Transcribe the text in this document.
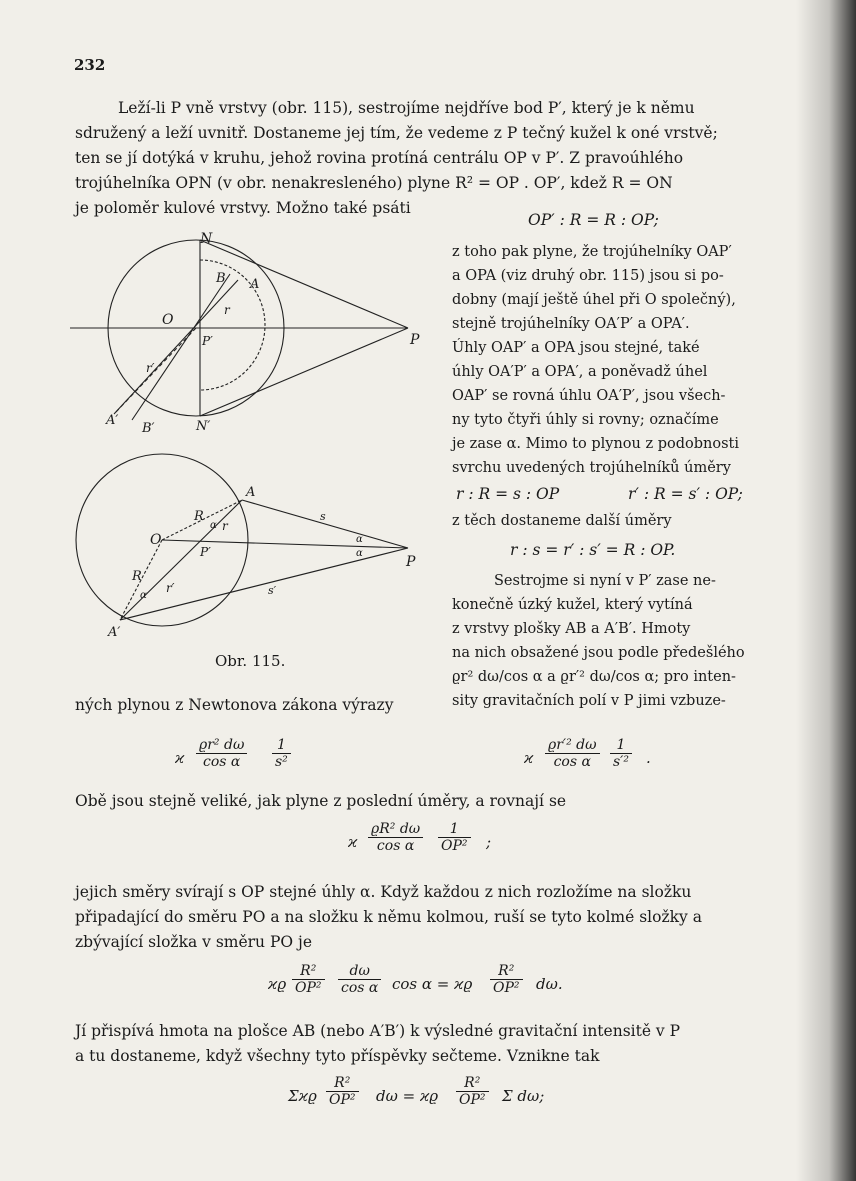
232
Leží-li P vně vrstvy (obr. 115), sestrojíme nejdříve bod P′, který je k němu
sdružený a leží uvnitř. Dostaneme jej tím, že vedeme z P tečný kužel k oné vrstvě;
ten se jí dotýká v kruhu, jehož rovina protíná centrálu OP v P′. Z pravoúhlého
trojúhelníka OPN (v obr. nenakresleného) plyne R² = OP . OP′, kdež R = ON
je poloměr kulové vrstvy. Možno také psáti
OP′ : R = R : OP;
z toho pak plyne, že trojúhelníky OAP′
a OPA (viz druhý obr. 115) jsou si po-
dobny (mají ještě úhel při O společný),
stejně trojúhelníky OA′P′ a OPA′.
Úhly OAP′ a OPA jsou stejné, také
úhly OA′P′ a OPA′, a poněvadž úhel
OAP′ se rovná úhlu OA′P′, jsou všech-
ny tyto čtyři úhly si rovny; označíme
je zase α. Mimo to plynou z podobnosti
svrchu uvedených trojúhelníků úměry
r : R = s : OP	r′ : R = s′ : OP;
z těch dostaneme další úměry
r : s = r′ : s′ = R : OP.
Sestrojme si nyní v P′ zase ne-
konečně úzký kužel, který vytíná
z vrstvy plošky AB a A′B′. Hmoty
na nich obsažené jsou podle předešlého
ϱr² dω/cos α a ϱr′² dω/cos α; pro inten-
sity gravitačních polí v P jimi vzbuze-
ných plynou z Newtonova zákona výrazy
N
B A
O
r
P′	P
r′
A′
B′	N′
A
R
α r
s
O	α
α
P′
P
R
r′	s′
α
A′
Obr. 115.
ϰ $\frac{\text{ϱr² dω}}{\text{cos α}} \frac{1}{\text{s²}}$	ϰ $\frac{\text{ϱr′² dω}}{\text{cos α}} \frac{1}{\text{s′²}}$ .
Obě jsou stejně veliké, jak plyne z poslední úměry, a rovnají se
ϰ $\frac{\text{ϱR² dω}}{\text{cos α}} \frac{1}{\text{OP²}}$ ;
jejich směry svírají s OP stejné úhly α. Když každou z nich rozložíme na složku
připadající do směru PO a na složku k němu kolmou, ruší se tyto kolmé složky a
zbývající složka v směru PO je
ϰϱ $\frac{\text{R²}}{\text{OP²}} \frac{d\omega}{\text{cos α}}$ cos α = ϰϱ $\frac{\text{R²}}{\text{OP²}} d\omega$.
Jí přispívá hmota na plošce AB (nebo A′B′) k výsledné gravitační intensitě v P
a tu dostaneme, když všechny tyto příspěvky sečteme. Vznikne tak
Σϰϱ $\frac{\text{R²}}{\text{OP²}}$ dω = ϰϱ $\frac{\text{R²}}{\text{OP²}}$ Σ dω;
